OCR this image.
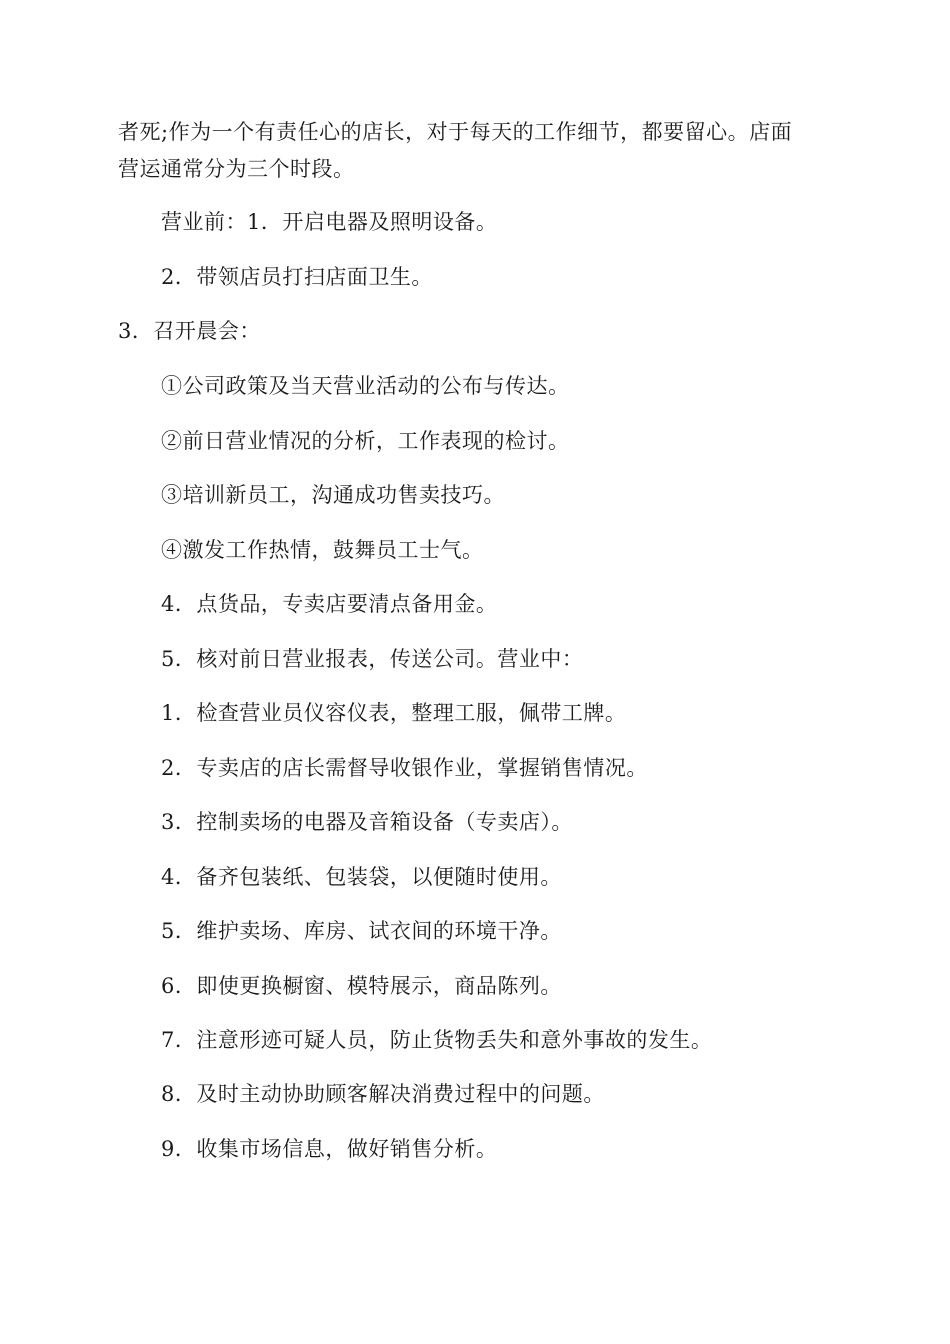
者死;作为一个有责任心的店长，对于每天的工作细节，都要留心。店面
营运通常分为三个时段。
营业前：1．开启电器及照明设备。
2．带领店员打扫店面卫生。
3．召开晨会：
①公司政策及当天营业活动的公布与传达。
②前日营业情况的分析，工作表现的检讨。
③培训新员工，沟通成功售卖技巧。
④激发工作热情，鼓舞员工士气。
4．点货品，专卖店要清点备用金。
5．核对前日营业报表，传送公司。营业中：
1．检查营业员仪容仪表，整理工服，佩带工牌。
2．专卖店的店长需督导收银作业，掌握销售情况。
3．控制卖场的电器及音箱设备（专卖店）。
4．备齐包装纸、包装袋，以便随时使用。
5．维护卖场、库房、试衣间的环境干净。
6．即使更换橱窗、模特展示，商品陈列。
7．注意形迹可疑人员，防止货物丢失和意外事故的发生。
8．及时主动协助顾客解决消费过程中的问题。
9．收集市场信息，做好销售分析。
